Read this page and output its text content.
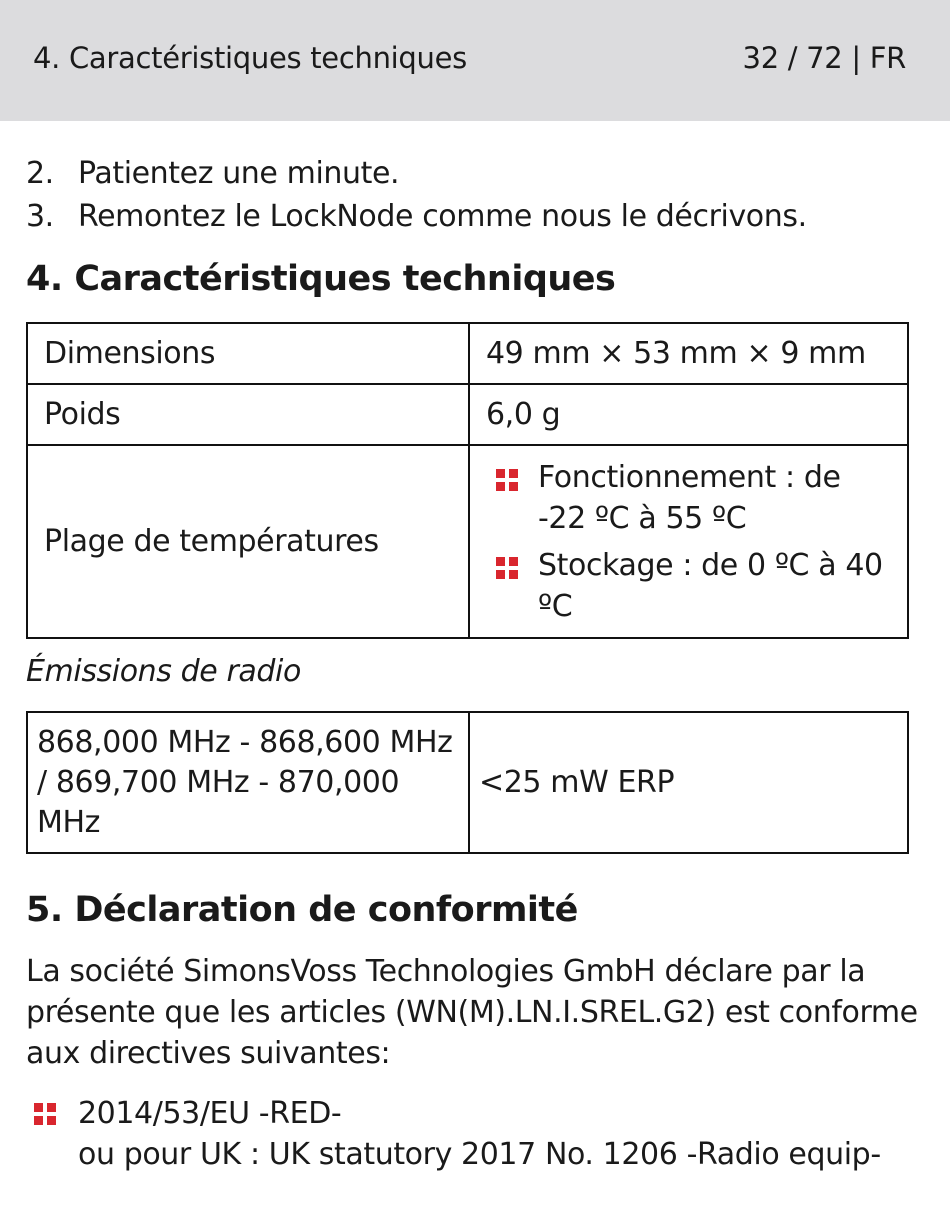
4. Caractéristiques techniques	32 / 72 | FR
2. Patientez une minute.
3. Remontez le LockNode comme nous le décrivons.
4. Caractéristiques techniques
Dimensions	49 mm × 53 mm × 9 mm
Poids	6,0 g
Plage de températures	Fonctionnement : de -22 ºC à 55 ºC
Stockage : de 0 ºC à 40 ºC
Émissions de radio
868,000 MHz - 868,600 MHz / 869,700 MHz - 870,000 MHz	<25 mW ERP
5. Déclaration de conformité
La société SimonsVoss Technologies GmbH déclare par la présente que les articles (WN(M).LN.I.SREL.G2) est conforme aux directives suivantes:
2014/53/EU -RED-
ou pour UK : UK statutory 2017 No. 1206 -Radio equip-
